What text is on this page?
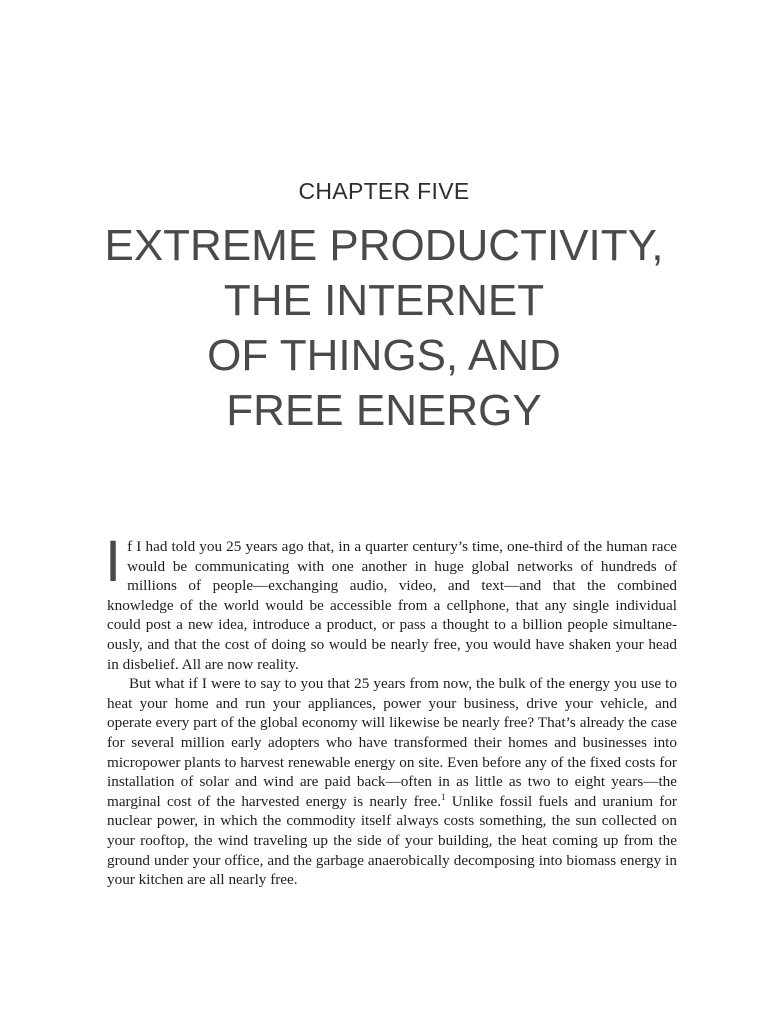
CHAPTER FIVE
EXTREME PRODUCTIVITY,
THE INTERNET
OF THINGS, AND
FREE ENERGY

If I had told you 25 years ago that, in a quarter century’s time, one-third of the human race would be communicating with one another in huge global networks of hundreds of millions of people—exchanging audio, video, and text—and that the combined knowledge of the world would be accessible from a cellphone, that any single individual could post a new idea, introduce a product, or pass a thought to a billion people simultaneously, and that the cost of doing so would be nearly free, you would have shaken your head in disbelief. All are now reality.

But what if I were to say to you that 25 years from now, the bulk of the energy you use to heat your home and run your appliances, power your business, drive your vehicle, and operate every part of the global economy will likewise be nearly free? That’s already the case for several million early adopters who have transformed their homes and businesses into micropower plants to harvest renewable energy on site. Even before any of the fixed costs for installation of solar and wind are paid back—often in as little as two to eight years—the marginal cost of the harvested energy is nearly free.$^1$ Unlike fossil fuels and uranium for nuclear power, in which the commodity itself always costs something, the sun collected on your rooftop, the wind traveling up the side of your building, the heat coming up from the ground under your office, and the garbage anaerobically decomposing into biomass energy in your kitchen are all nearly free.
